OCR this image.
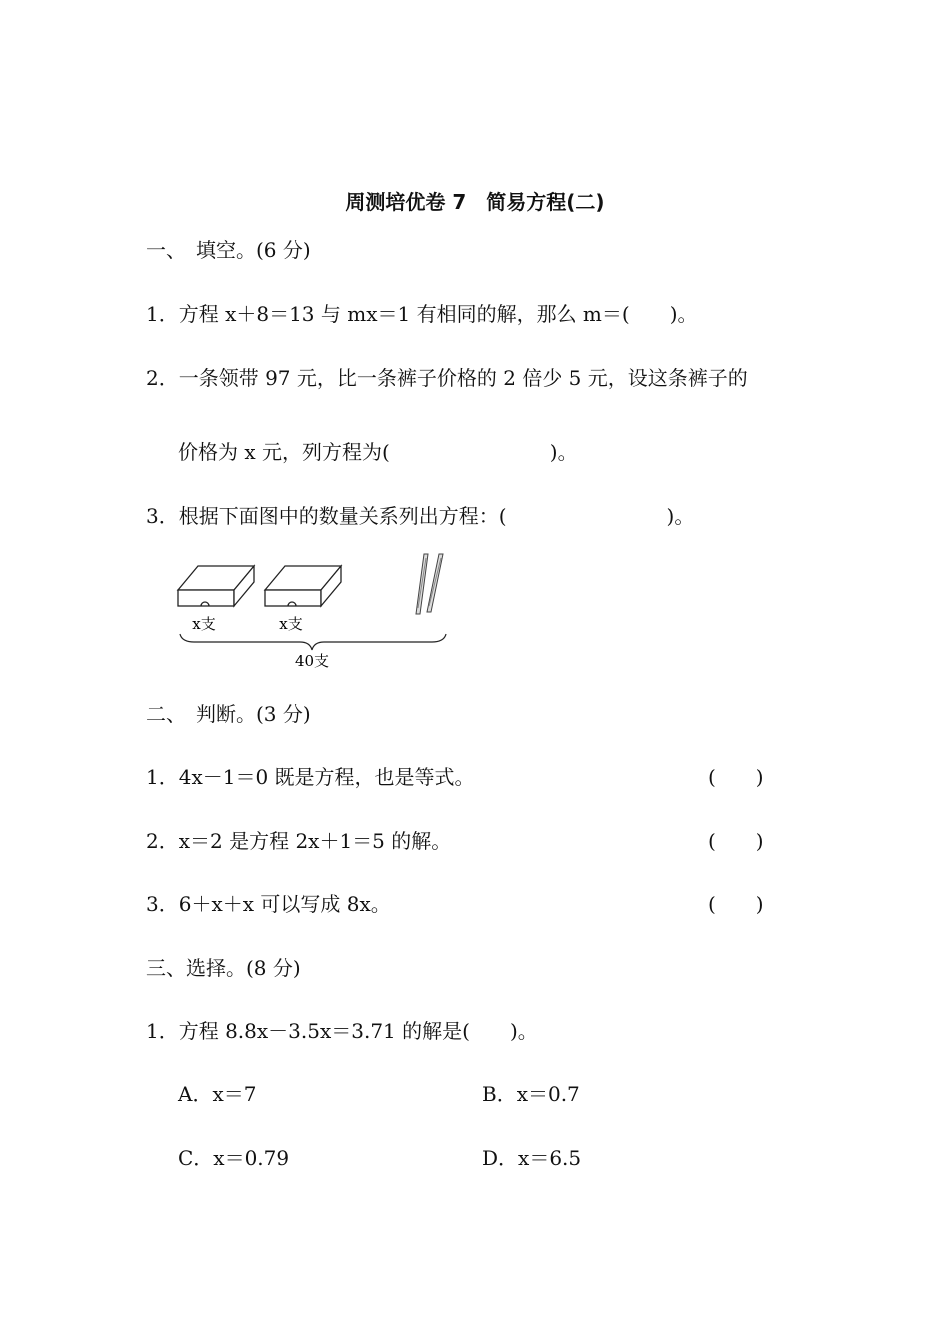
周测培优卷 7　简易方程(二)
一、　填空。(6 分)
1．方程 x＋8＝13 与 mx＝1 有相同的解，那么 m＝(　　)。
2．一条领带 97 元，比一条裤子价格的 2 倍少 5 元，设这条裤子的
价格为 x 元，列方程为(　　　　　　　　)。
3．根据下面图中的数量关系列出方程：(　　　　　　　　)。
x支	x支
40支
二、　判断。(3 分)
1．4x－1＝0 既是方程，也是等式。	(　　)
2．x＝2 是方程 2x＋1＝5 的解。	(　　)
3．6＋x＋x 可以写成 8x。	(　　)
三、选择。(8 分)
1．方程 8.8x－3.5x＝3.71 的解是(　　)。
A．x＝7	B．x＝0.7
C．x＝0.79	D．x＝6.5
